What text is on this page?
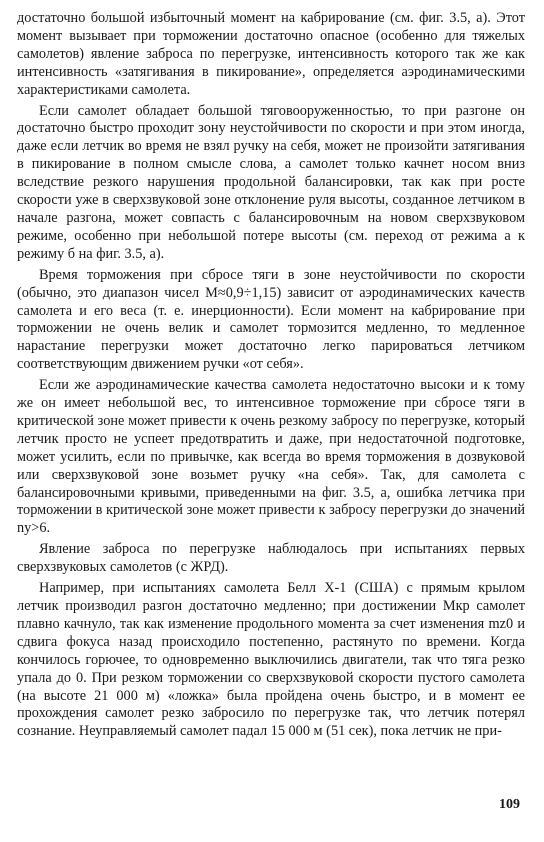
достаточно большой избыточный момент на кабрирование (см. фиг. 3.5, а). Этот момент вызывает при торможении достаточно опасное (особенно для тяжелых самолетов) явление заброса по перегрузке, интенсивность которого так же как интенсивность «затягивания в пикирование», определяется аэродинамическими характеристиками самолета.

Если самолет обладает большой тяговооруженностью, то при разгоне он достаточно быстро проходит зону неустойчивости по скорости и при этом иногда, даже если летчик во время не взял ручку на себя, может не произойти затягивания в пикирование в полном смысле слова, а самолет только качнет носом вниз вследствие резкого нарушения продольной балансировки, так как при росте скорости уже в сверхзвуковой зоне отклонение руля высоты, созданное летчиком в начале разгона, может совпасть с балансировочным на новом сверхзвуковом режиме, особенно при небольшой потере высоты (см. переход от режима а к режиму б на фиг. 3.5, а).

Время торможения при сбросе тяги в зоне неустойчивости по скорости (обычно, это диапазон чисел M≈0,9÷1,15) зависит от аэродинамических качеств самолета и его веса (т. е. инерционности). Если момент на кабрирование при торможении не очень велик и самолет тормозится медленно, то медленное нарастание перегрузки может достаточно легко парироваться летчиком соответствующим движением ручки «от себя».

Если же аэродинамические качества самолета недостаточно высоки и к тому же он имеет небольшой вес, то интенсивное торможение при сбросе тяги в критической зоне может привести к очень резкому забросу по перегрузке, который летчик просто не успеет предотвратить и даже, при недостаточной подготовке, может усилить, если по привычке, как всегда во время торможения в дозвуковой или сверхзвуковой зоне возьмет ручку «на себя». Так, для самолета с балансировочными кривыми, приведенными на фиг. 3.5, а, ошибка летчика при торможении в критической зоне может привести к забросу перегрузки до значений nу>6.

Явление заброса по перегрузке наблюдалось при испытаниях первых сверхзвуковых самолетов (с ЖРД).

Например, при испытаниях самолета Белл Х-1 (США) с прямым крылом летчик производил разгон достаточно медленно; при достижении Mкр самолет плавно качнуло, так как изменение продольного момента за счет изменения mz0 и сдвига фокуса назад происходило постепенно, растянуто по времени. Когда кончилось горючее, то одновременно выключились двигатели, так что тяга резко упала до 0. При резком торможении со сверхзвуковой скорости пустого самолета (на высоте 21 000 м) «ложка» была пройдена очень быстро, и в момент ее прохождения самолет резко забросило по перегрузке так, что летчик потерял сознание. Неуправляемый самолет падал 15 000 м (51 сек), пока летчик не при-

109
